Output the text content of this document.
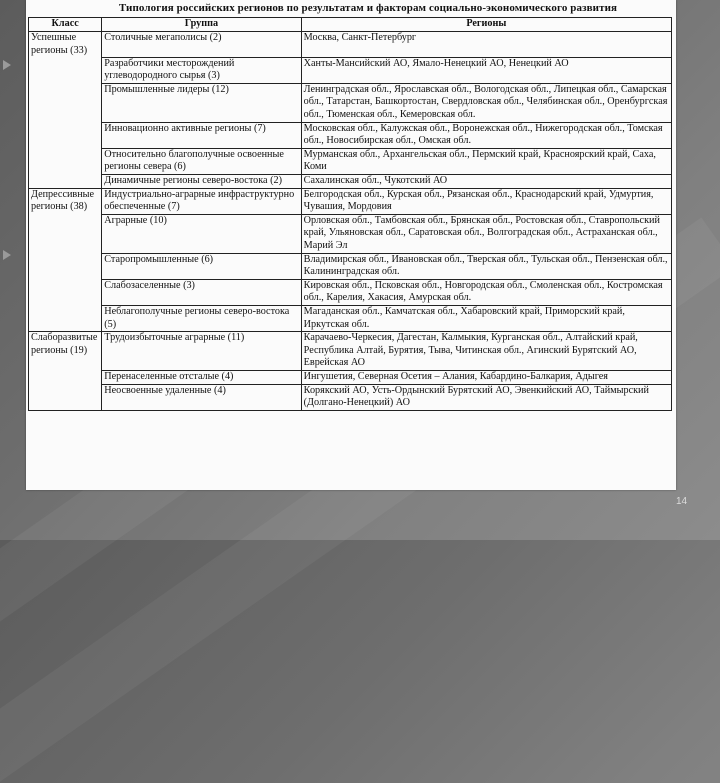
Типология российских регионов по результатам и факторам социально-экономического развития
Класс	Группа	Регионы
Успешные регионы (33)	Столичные мегаполисы (2)	Москва, Санкт-Петербург
	Разработчики месторождений углеводородного сырья (3)	Ханты-Мансийский АО, Ямало-Ненецкий АО, Ненецкий АО
	Промышленные лидеры (12)	Ленинградская обл., Ярославская обл., Вологодская обл., Липецкая обл., Самарская обл., Татарстан, Башкортостан, Свердловская обл., Челябинская обл., Оренбургская обл., Тюменская обл., Кемеровская обл.
	Инновационно активные регионы (7)	Московская обл., Калужская обл., Воронежская обл., Нижегородская обл., Томская обл., Новосибирская обл., Омская обл.
	Относительно благополучные освоенные регионы севера (6)	Мурманская обл., Архангельская обл., Пермский край, Красноярский край, Саха, Коми
	Динамичные регионы северо-востока (2)	Сахалинская обл., Чукотский АО
Депрессивные регионы (38)	Индустриально-аграрные инфраструктурно обеспеченные (7)	Белгородская обл., Курская обл., Рязанская обл., Краснодарский край, Удмуртия, Чувашия, Мордовия
	Аграрные (10)	Орловская обл., Тамбовская обл., Брянская обл., Ростовская обл., Ставропольский край, Ульяновская обл., Саратовская обл., Волгоградская обл., Астраханская обл., Марий Эл
	Старопромышленные (6)	Владимирская обл., Ивановская обл., Тверская обл., Тульская обл., Пензенская обл., Калининградская обл.
	Слабозаселенные (3)	Кировская обл., Псковская обл., Новгородская обл., Смоленская обл., Костромская обл., Карелия, Хакасия, Амурская обл.
	Неблагополучные регионы северо-востока (5)	Магаданская обл., Камчатская обл., Хабаровский край, Приморский край, Иркутская обл.
Слаборазвитые регионы (19)	Трудоизбыточные аграрные (11)	Карачаево-Черкесия, Дагестан, Калмыкия, Курганская обл., Алтайский край, Республика Алтай, Бурятия, Тыва, Читинская обл., Агинский Бурятский АО, Еврейская АО
	Перенаселенные отсталые (4)	Ингушетия, Северная Осетия – Алания, Кабардино-Балкария, Адыгея
	Неосвоенные удаленные (4)	Корякский АО, Усть-Ордынский Бурятский АО, Эвенкийский АО, Таймырский (Долгано-Ненецкий) АО
14
